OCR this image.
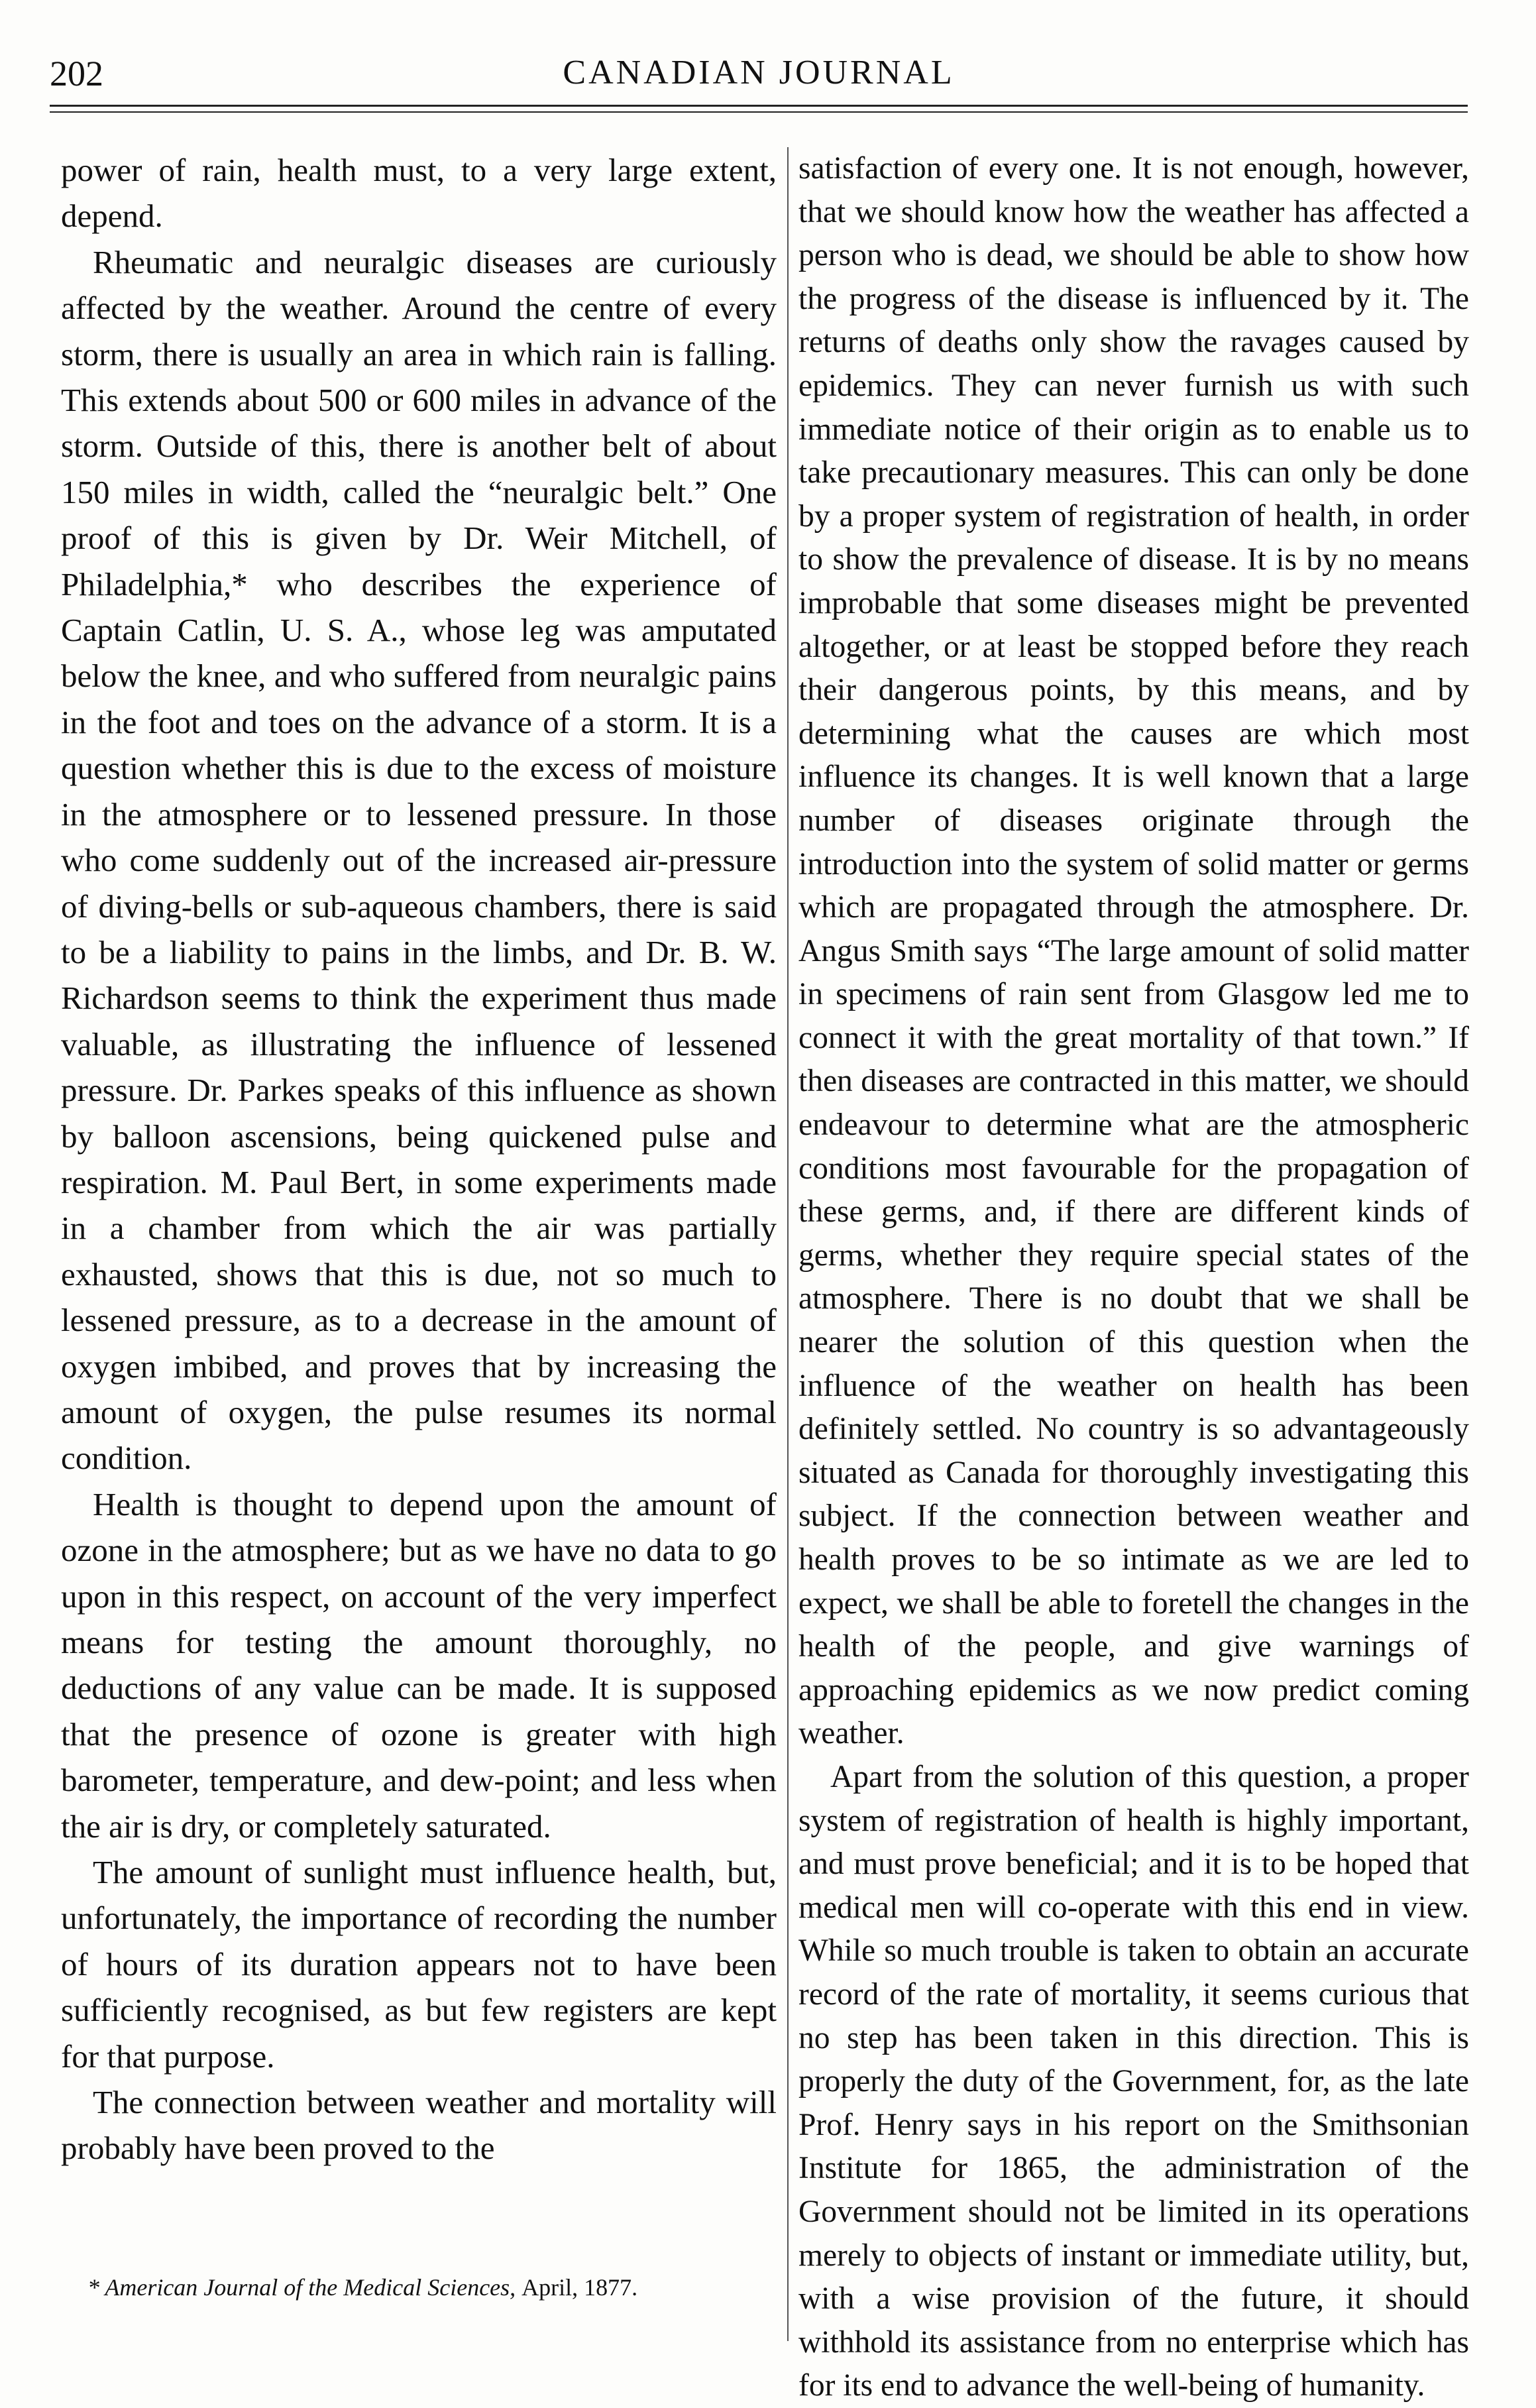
202	CANADIAN JOURNAL

power of rain, health must, to a very large extent, depend.

Rheumatic and neuralgic diseases are curiously affected by the weather. Around the centre of every storm, there is usually an area in which rain is falling. This extends about 500 or 600 miles in advance of the storm. Outside of this, there is another belt of about 150 miles in width, called the “neuralgic belt.” One proof of this is given by Dr. Weir Mitchell, of Philadelphia,* who describes the experience of Captain Catlin, U. S. A., whose leg was amputated below the knee, and who suffered from neuralgic pains in the foot and toes on the advance of a storm. It is a question whether this is due to the excess of moisture in the atmosphere or to lessened pressure. In those who come suddenly out of the increased air-pressure of diving-bells or sub-aqueous chambers, there is said to be a liability to pains in the limbs, and Dr. B. W. Richardson seems to think the experiment thus made valuable, as illustrating the influence of lessened pressure. Dr. Parkes speaks of this influence as shown by balloon ascensions, being quickened pulse and respiration. M. Paul Bert, in some experiments made in a chamber from which the air was partially exhausted, shows that this is due, not so much to lessened pressure, as to a decrease in the amount of oxygen imbibed, and proves that by increasing the amount of oxygen, the pulse resumes its normal condition.

Health is thought to depend upon the amount of ozone in the atmosphere; but as we have no data to go upon in this respect, on account of the very imperfect means for testing the amount thoroughly, no deductions of any value can be made. It is supposed that the presence of ozone is greater with high barometer, temperature, and dew-point; and less when the air is dry, or completely saturated.

The amount of sunlight must influence health, but, unfortunately, the importance of recording the number of hours of its duration appears not to have been sufficiently recognised, as but few registers are kept for that purpose.

The connection between weather and mortality will probably have been proved to the

satisfaction of every one. It is not enough, however, that we should know how the weather has affected a person who is dead, we should be able to show how the progress of the disease is influenced by it. The returns of deaths only show the ravages caused by epidemics. They can never furnish us with such immediate notice of their origin as to enable us to take precautionary measures. This can only be done by a proper system of registration of health, in order to show the prevalence of disease. It is by no means improbable that some diseases might be prevented altogether, or at least be stopped before they reach their dangerous points, by this means, and by determining what the causes are which most influence its changes. It is well known that a large number of diseases originate through the introduction into the system of solid matter or germs which are propagated through the atmosphere. Dr. Angus Smith says “The large amount of solid matter in specimens of rain sent from Glasgow led me to connect it with the great mortality of that town.” If then diseases are contracted in this matter, we should endeavour to determine what are the atmospheric conditions most favourable for the propagation of these germs, and, if there are different kinds of germs, whether they require special states of the atmosphere. There is no doubt that we shall be nearer the solution of this question when the influence of the weather on health has been definitely settled. No country is so advantageously situated as Canada for thoroughly investigating this subject. If the connection between weather and health proves to be so intimate as we are led to expect, we shall be able to foretell the changes in the health of the people, and give warnings of approaching epidemics as we now predict coming weather.

Apart from the solution of this question, a proper system of registration of health is highly important, and must prove beneficial; and it is to be hoped that medical men will co-operate with this end in view. While so much trouble is taken to obtain an accurate record of the rate of mortality, it seems curious that no step has been taken in this direction. This is properly the duty of the Government, for, as the late Prof. Henry says in his report on the Smithsonian Institute for 1865, the administration of the Government should not be limited in its operations merely to objects of instant or immediate utility, but, with a wise provision of the future, it should withhold its assistance from no enterprise which has for its end to advance the well-being of humanity.

* American Journal of the Medical Sciences, April, 1877.
